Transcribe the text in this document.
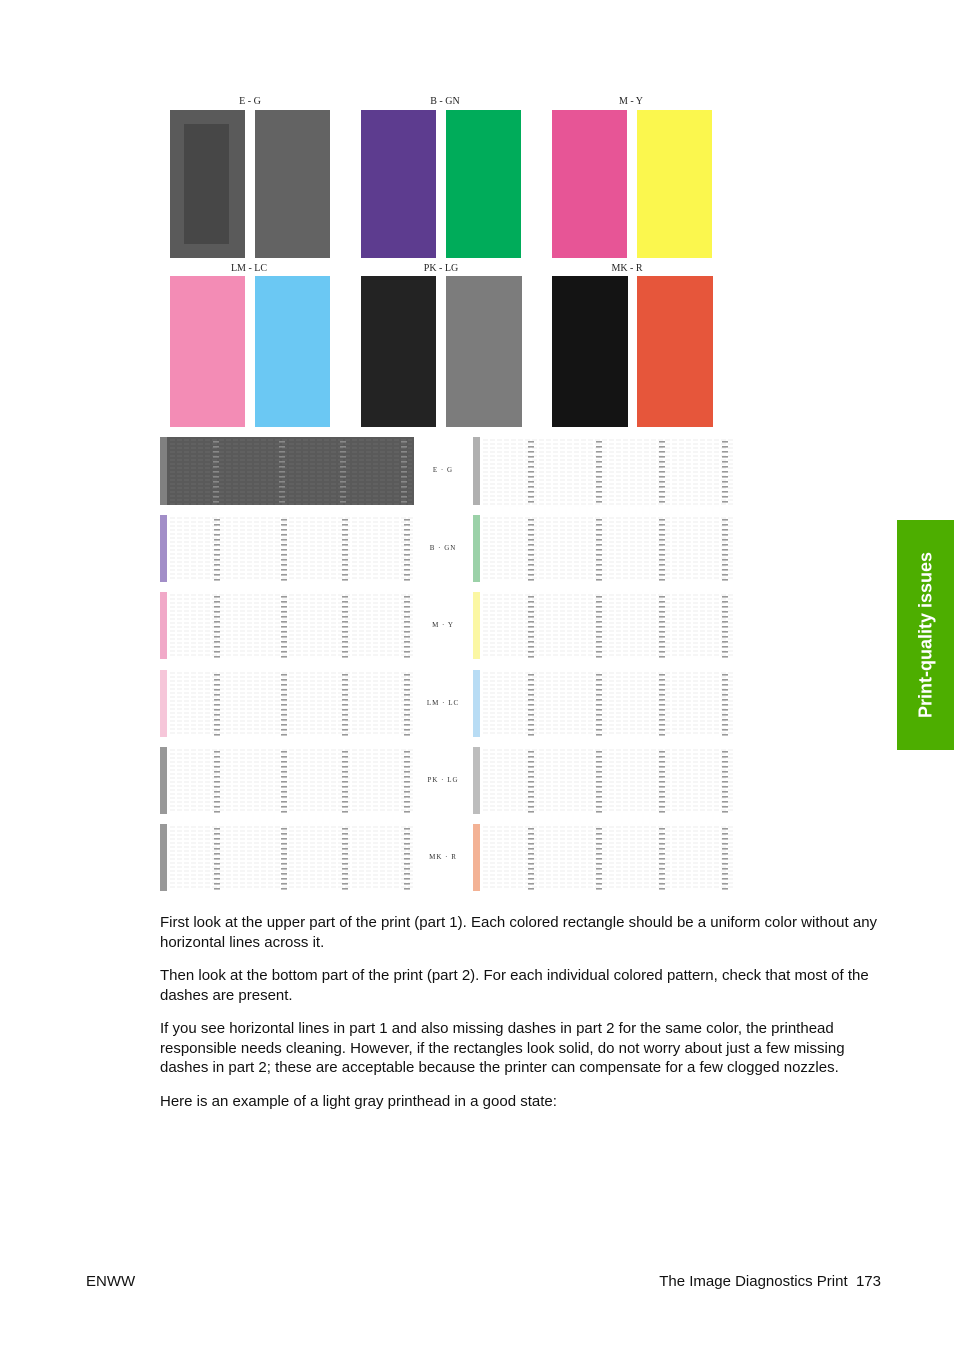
E - G	B - GN	M - Y
LM - LC	PK - LG	MK - R
E · G
B · GN
M · Y
LM · LC
PK · LG
MK · R

First look at the upper part of the print (part 1). Each colored rectangle should be a uniform color without any horizontal lines across it.

Then look at the bottom part of the print (part 2). For each individual colored pattern, check that most of the dashes are present.

If you see horizontal lines in part 1 and also missing dashes in part 2 for the same color, the printhead responsible needs cleaning. However, if the rectangles look solid, do not worry about just a few missing dashes in part 2; these are acceptable because the printer can compensate for a few clogged nozzles.

Here is an example of a light gray printhead in a good state:

Print-quality issues
ENWW	The Image Diagnostics Print 173
